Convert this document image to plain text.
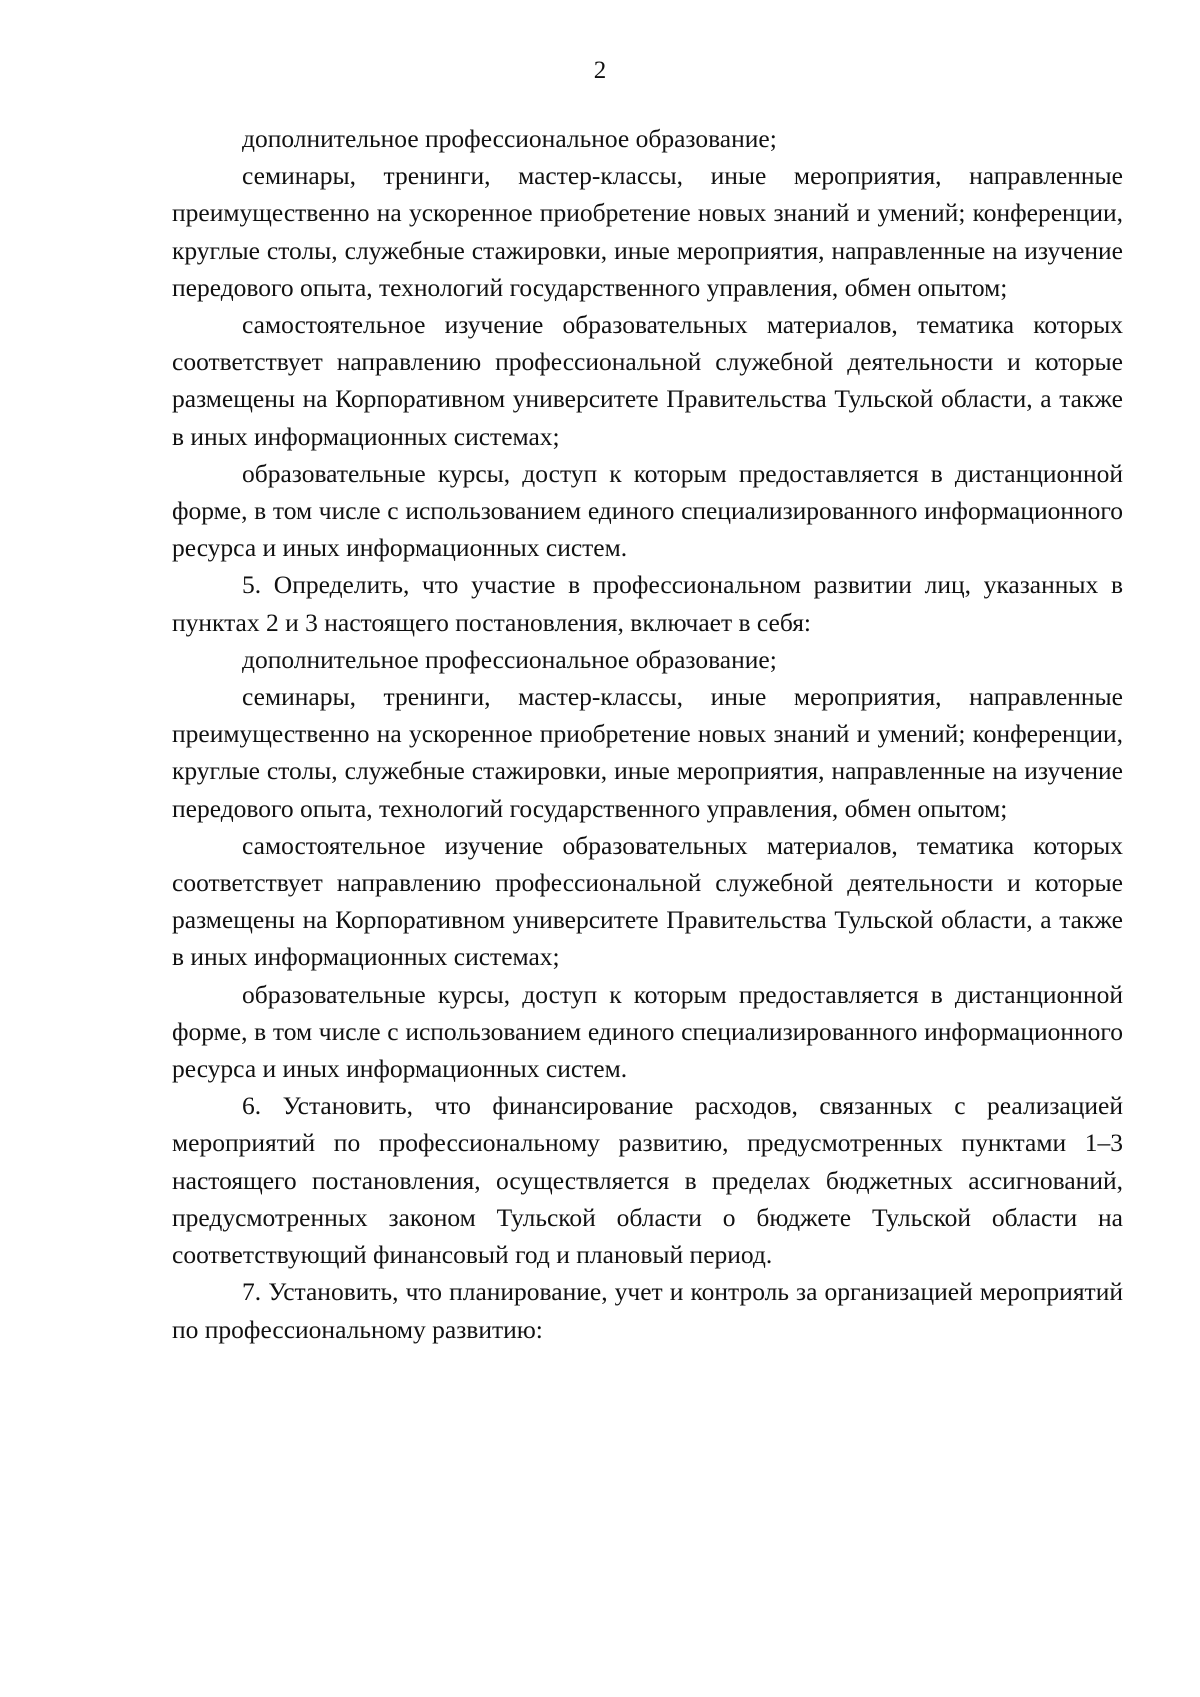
2

дополнительное профессиональное образование;

семинары, тренинги, мастер-классы, иные мероприятия, направленные преимущественно на ускоренное приобретение новых знаний и умений; конференции, круглые столы, служебные стажировки, иные мероприятия, направленные на изучение передового опыта, технологий государственного управления, обмен опытом;

самостоятельное изучение образовательных материалов, тематика которых соответствует направлению профессиональной служебной деятельности и которые размещены на Корпоративном университете Правительства Тульской области, а также в иных информационных системах;

образовательные курсы, доступ к которым предоставляется в дистанционной форме, в том числе с использованием единого специализированного информационного ресурса и иных информационных систем.

5. Определить, что участие в профессиональном развитии лиц, указанных в пунктах 2 и 3 настоящего постановления, включает в себя:

дополнительное профессиональное образование;

семинары, тренинги, мастер-классы, иные мероприятия, направленные преимущественно на ускоренное приобретение новых знаний и умений; конференции, круглые столы, служебные стажировки, иные мероприятия, направленные на изучение передового опыта, технологий государственного управления, обмен опытом;

самостоятельное изучение образовательных материалов, тематика которых соответствует направлению профессиональной служебной деятельности и которые размещены на Корпоративном университете Правительства Тульской области, а также в иных информационных системах;

образовательные курсы, доступ к которым предоставляется в дистанционной форме, в том числе с использованием единого специализированного информационного ресурса и иных информационных систем.

6. Установить, что финансирование расходов, связанных с реализацией мероприятий по профессиональному развитию, предусмотренных пунктами 1–3 настоящего постановления, осуществляется в пределах бюджетных ассигнований, предусмотренных законом Тульской области о бюджете Тульской области на соответствующий финансовый год и плановый период.

7. Установить, что планирование, учет и контроль за организацией мероприятий по профессиональному развитию:
